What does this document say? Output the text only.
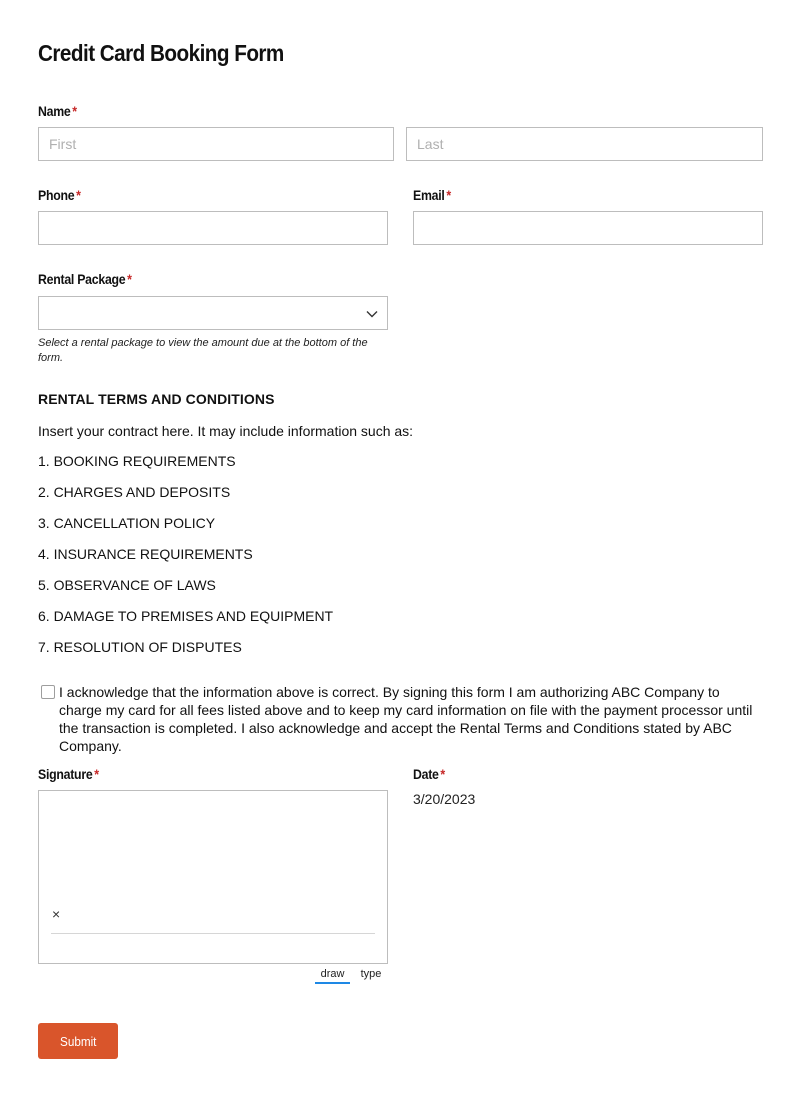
Credit Card Booking Form
Name *
First
Last
Phone *	Email *
Rental Package *

Select a rental package to view the amount due at the bottom of the form.

RENTAL TERMS AND CONDITIONS

Insert your contract here. It may include information such as:

1. BOOKING REQUIREMENTS
2. CHARGES AND DEPOSITS
3. CANCELLATION POLICY
4. INSURANCE REQUIREMENTS
5. OBSERVANCE OF LAWS
6. DAMAGE TO PREMISES AND EQUIPMENT
7. RESOLUTION OF DISPUTES

I acknowledge that the information above is correct. By signing this form I am authorizing ABC Company to charge my card for all fees listed above and to keep my card information on file with the payment processor until the transaction is completed. I also acknowledge and accept the Rental Terms and Conditions stated by ABC Company.

Signature *
×
draw	type
Date *
3/20/2023
Submit
